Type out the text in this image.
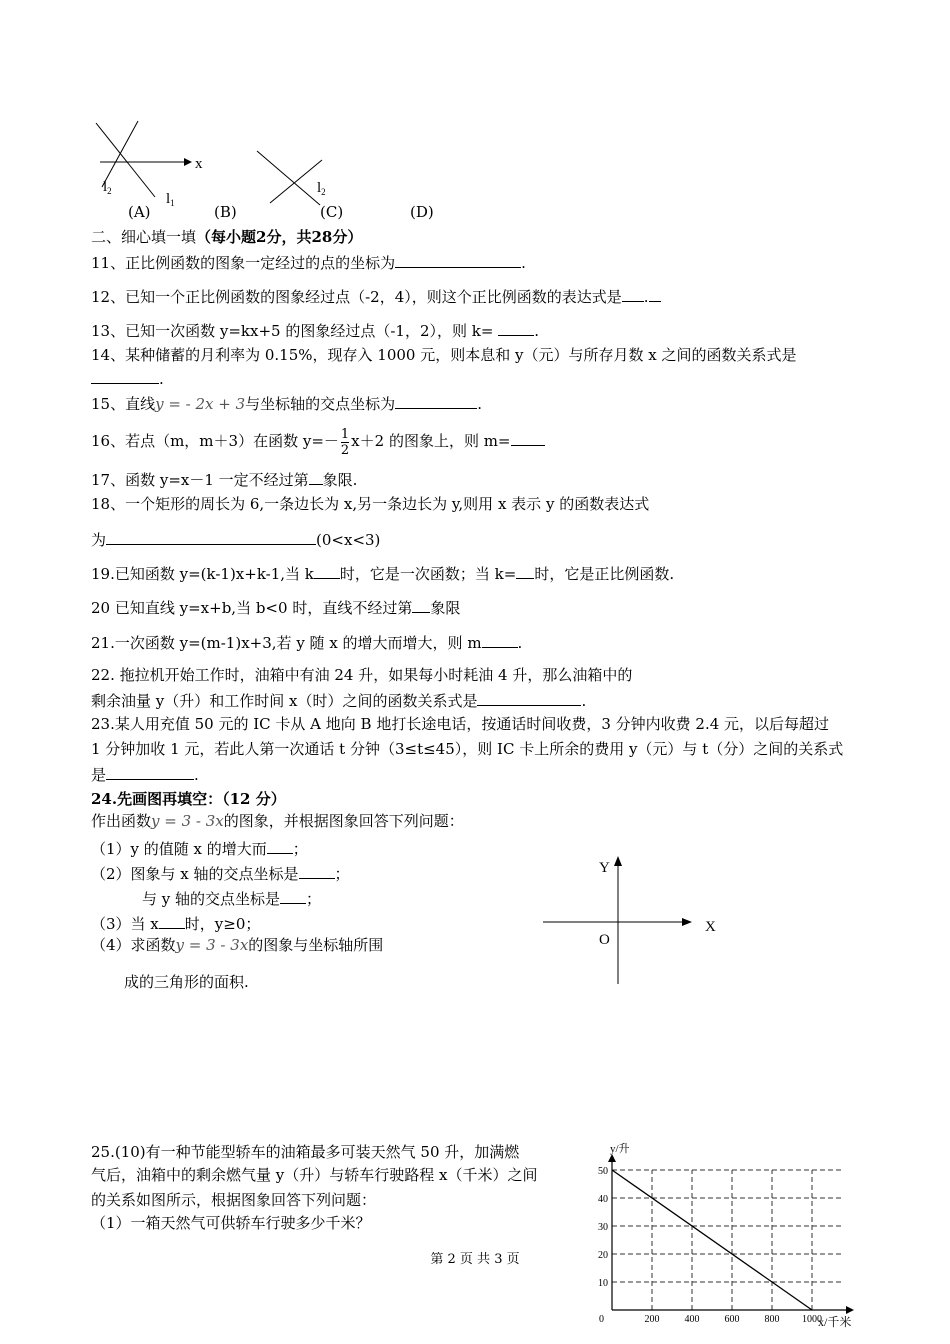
x
$l_2$	$l_1$
$l_2$
(A)	(B)	(C)	(D)
二、细心填一填（每小题2分，共28分）
11、正比例函数的图象一定经过的点的坐标为	.
12、已知一个正比例函数的图象经过点（-2，4），则这个正比例函数的表达式是 .
13、已知一次函数 y=kx+5 的图象经过点（-1，2），则 k=	.
14、某种储蓄的月利率为 0.15%，现存入 1000 元，则本息和 y（元）与所存月数 x 之间的函数关系式是
.
15、直线y = - 2x + 3与坐标轴的交点坐标为	.
16、若点（m，m＋3）在函数 $y=- \frac{1}{2} x+2$ 的图象上，则 m=
17、函数 y=x－1 一定不经过第 象限.
18、一个矩形的周长为 6,一条边长为 x,另一条边长为 y,则用 x 表示 y 的函数表达式
为	(0<x<3)
19.已知函数 y=(k-1)x+k-1,当 k 时，它是一次函数；当 k= 时，它是正比例函数.
20 已知直线 y=x+b,当 b<0 时，直线不经过第 象限
21.一次函数 y=(m-1)x+3,若 y 随 x 的增大而增大，则 m .
22. 拖拉机开始工作时，油箱中有油 24 升，如果每小时耗油 4 升，那么油箱中的
剩余油量 y（升）和工作时间 x（时）之间的函数关系式是	.
23.某人用充值 50 元的 IC 卡从 A 地向 B 地打长途电话，按通话时间收费，3 分钟内收费 2.4 元，以后每超过
1 分钟加收 1 元，若此人第一次通话 t 分钟（3≤t≤45），则 IC 卡上所余的费用 y（元）与 t（分）之间的关系式
是	.
24.先画图再填空：（12 分）
作出函数y = 3 - 3x的图象，并根据图象回答下列问题：
（1）y 的值随 x 的增大而 ；
（2）图象与 x 轴的交点坐标是 ；
与 y 轴的交点坐标是 ；
（3）当 x 时，y≥0；
（4）求函数y = 3 - 3x的图象与坐标轴所围
成的三角形的面积.
Y
X
O
25.(10)有一种节能型轿车的油箱最多可装天然气 50 升，加满燃
气后，油箱中的剩余燃气量 y（升）与轿车行驶路程 x（千米）之间
的关系如图所示，根据图象回答下列问题：
（1）一箱天然气可供轿车行驶多少千米？
10
20
30
40
50
0	200	400	600	800 1000
y/升
x/千米
第 2 页 共 3 页
